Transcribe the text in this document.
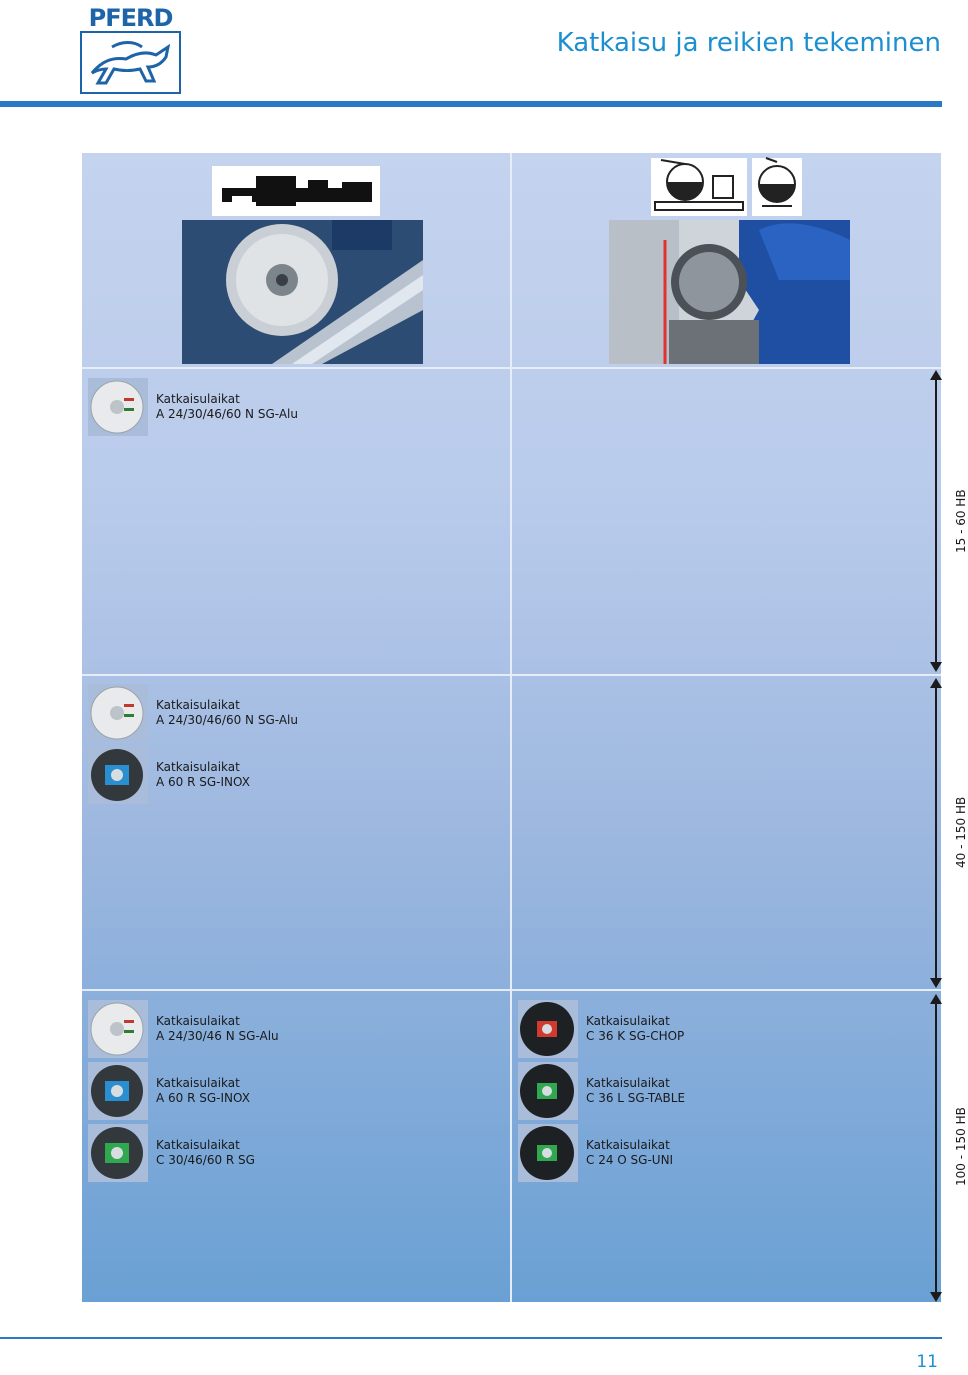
PFERD
Katkaisu ja reikien tekeminen
Katkaisulaikat
A 24/30/46/60 N SG-Alu
Katkaisulaikat
A 24/30/46/60 N SG-Alu
Katkaisulaikat
A 60 R SG-INOX
Katkaisulaikat
A 24/30/46 N SG-Alu
Katkaisulaikat
A 60 R SG-INOX
Katkaisulaikat
C 30/46/60 R SG
Katkaisulaikat
C 36 K SG-CHOP
Katkaisulaikat
C 36 L SG-TABLE
Katkaisulaikat
C 24 O SG-UNI
15 - 60 HB
40 - 150 HB
100 - 150 HB
11
